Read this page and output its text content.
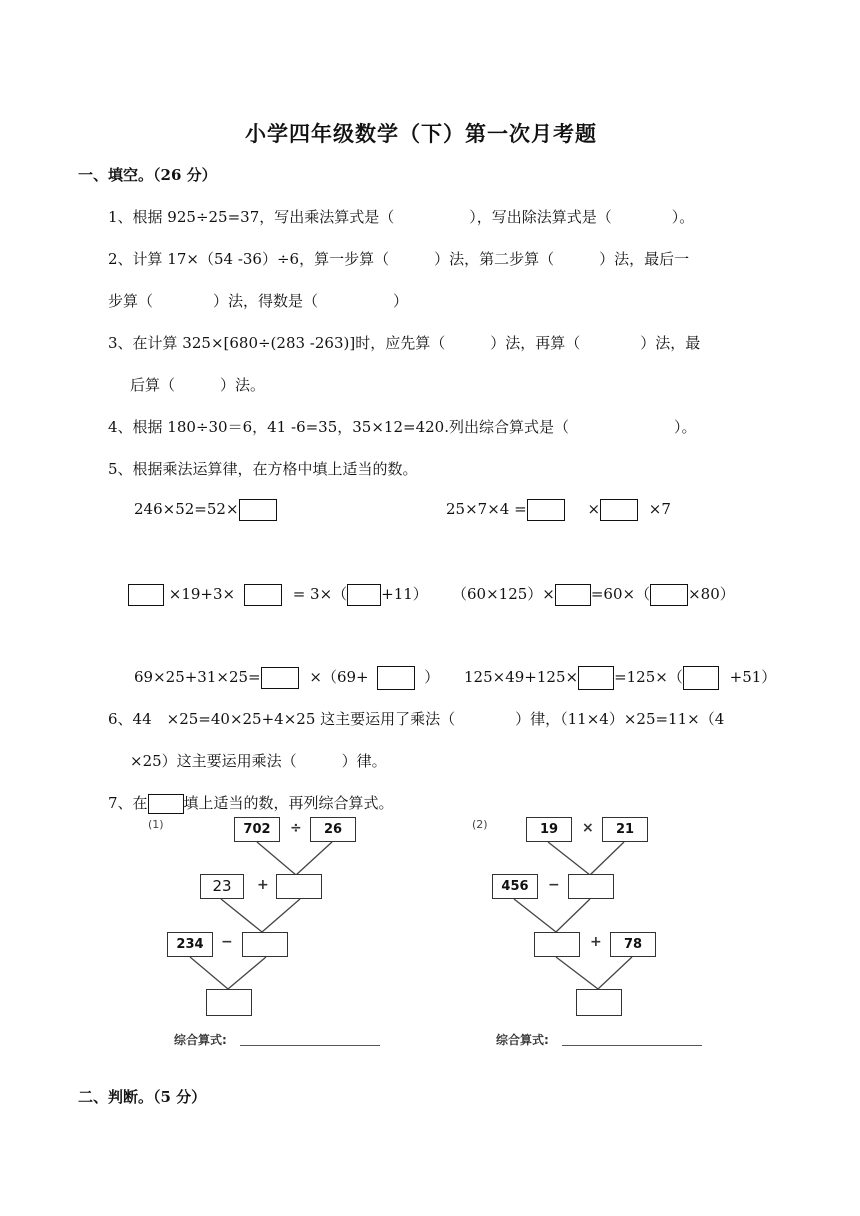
小学四年级数学（下）第一次月考题
一、填空。（26 分）
1、根据 925÷25=37，写出乘法算式是（　　　　　），写出除法算式是（　　　　）。
2、计算 17×（54 -36）÷6，算一步算（　　　）法，第二步算（　　　）法，最后一
步算（　　　　）法，得数是（　　　　　）
3、在计算 325×[680÷(283 -263)]时，应先算（　　　）法，再算（　　　　）法，最
后算（　　　）法。
4、根据 180÷30＝6，41 -6=35，35×12=420.列出综合算式是（　　　　　　　）。
5、根据乘法运算律，在方格中填上适当的数。
246×52=52×	25×7×4 =	×	×7
×19+3×	= 3×（ +11） （60×125）× =60×（	×80）
69×25+31×25=	×（69+	） 125×49+125× =125×（	+51）
6、44　×25=40×25+4×25 这主要运用了乘法（　　　　）律，（11×4）×25=11×（4
×25）这主要运用乘法（　　　）律。
7、在 填上适当的数，再列综合算式。
(1)	702	÷	26
23	+
234	−
综合算式:
(2)	19	×	21
456	−
+	78
综合算式:
二、判断。（5 分）
